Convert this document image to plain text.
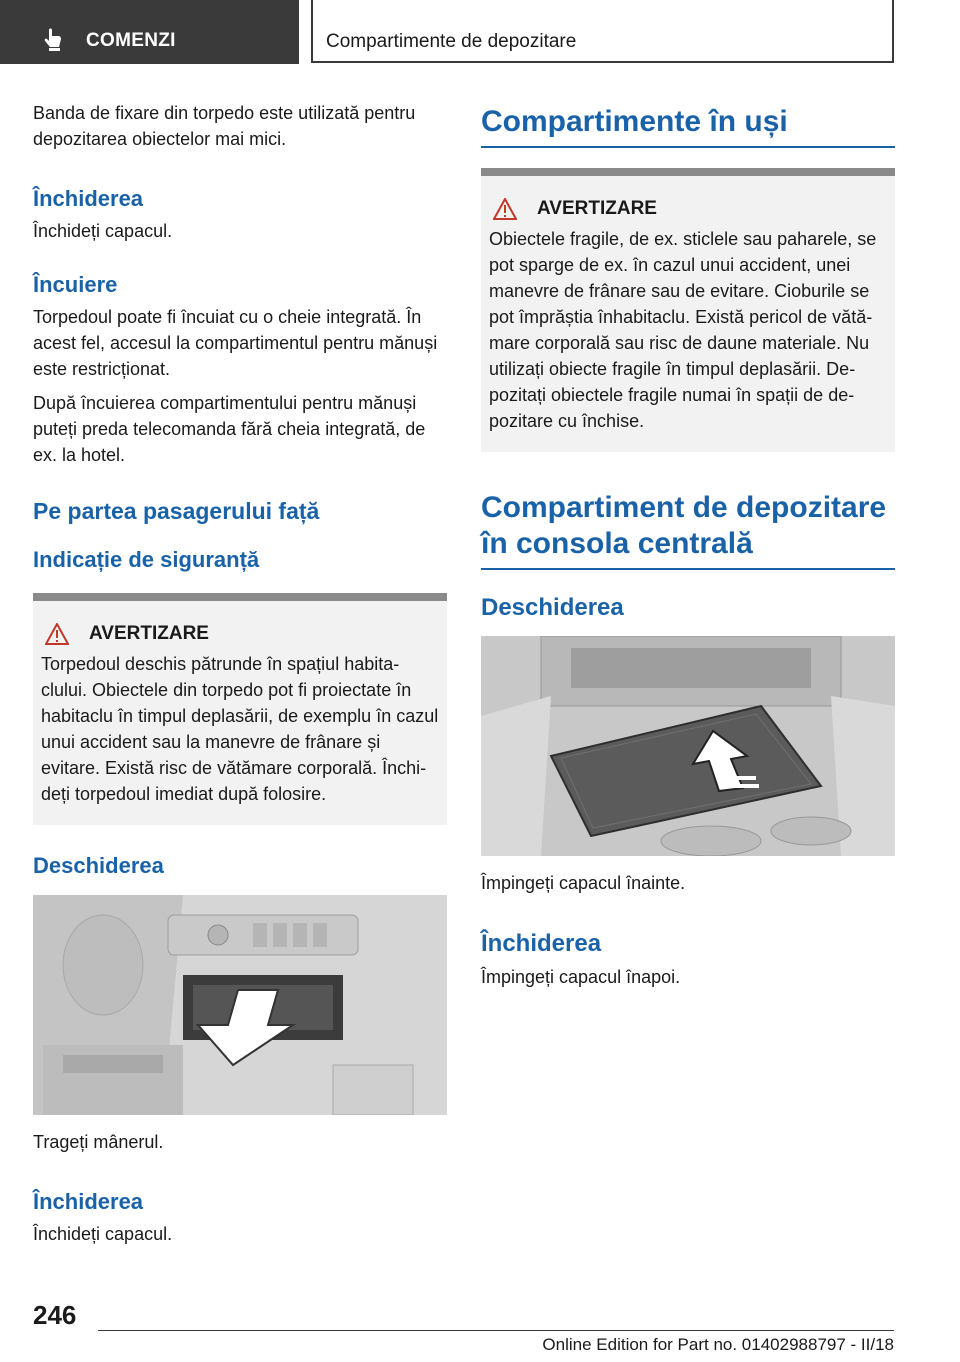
COMENZI	Compartimente de depozitare

Banda de fixare din torpedo este utilizată pentru depozitarea obiectelor mai mici.

Închiderea

Închideți capacul.

Încuiere

Torpedoul poate fi încuiat cu o cheie integrată. În acest fel, accesul la compartimentul pentru mănuși este restricționat.

După încuierea compartimentului pentru mănuși puteți preda telecomanda fără cheia integrată, de ex. la hotel.

Pe partea pasagerului față
Indicație de siguranță
AVERTIZARE

Torpedoul deschis pătrunde în spațiul habitaclului. Obiectele din torpedo pot fi proiectate în habitaclu în timpul deplasării, de exemplu în cazul unui accident sau la manevre de frânare și evitare. Există risc de vătămare corporală. Închideți torpedoul imediat după folosire.

Deschiderea

Trageți mânerul.

Închiderea

Închideți capacul.

Compartimente în uși
AVERTIZARE

Obiectele fragile, de ex. sticlele sau paharele, se pot sparge de ex. în cazul unui accident, unei manevre de frânare sau de evitare. Cioburile se pot împrăștia înhabitaclu. Există pericol de vătămare corporală sau risc de daune materiale. Nu utilizați obiecte fragile în timpul deplasării. Depozitați obiectele fragile numai în spații de depozitare cu închise.

Compartiment de depozitare în consola centrală
Deschiderea

Împingeți capacul înainte.

Închiderea

Împingeți capacul înapoi.

246
Online Edition for Part no. 01402988797 - II/18
